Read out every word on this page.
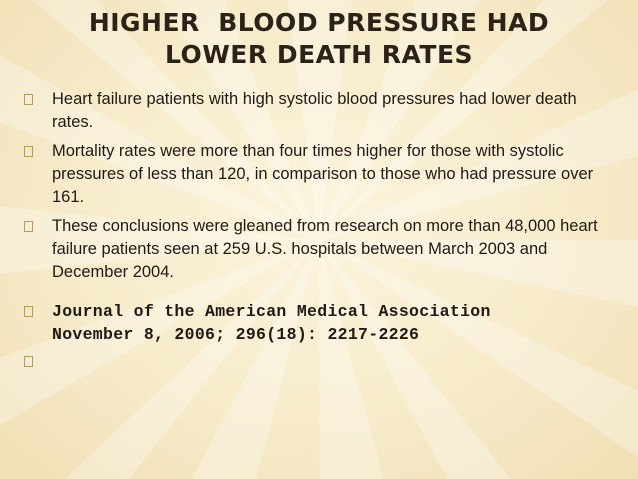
HIGHER  BLOOD PRESSURE HAD
LOWER DEATH RATES
Heart failure patients with high systolic blood pressures had lower death rates.
Mortality rates were more than four times higher for those with systolic pressures of less than 120, in comparison to those who had pressure over 161.
These conclusions were gleaned from research on more than 48,000 heart failure patients seen at 259 U.S. hospitals between March 2003 and December 2004.
Journal of the American Medical Association
November 8, 2006; 296(18): 2217-2226
